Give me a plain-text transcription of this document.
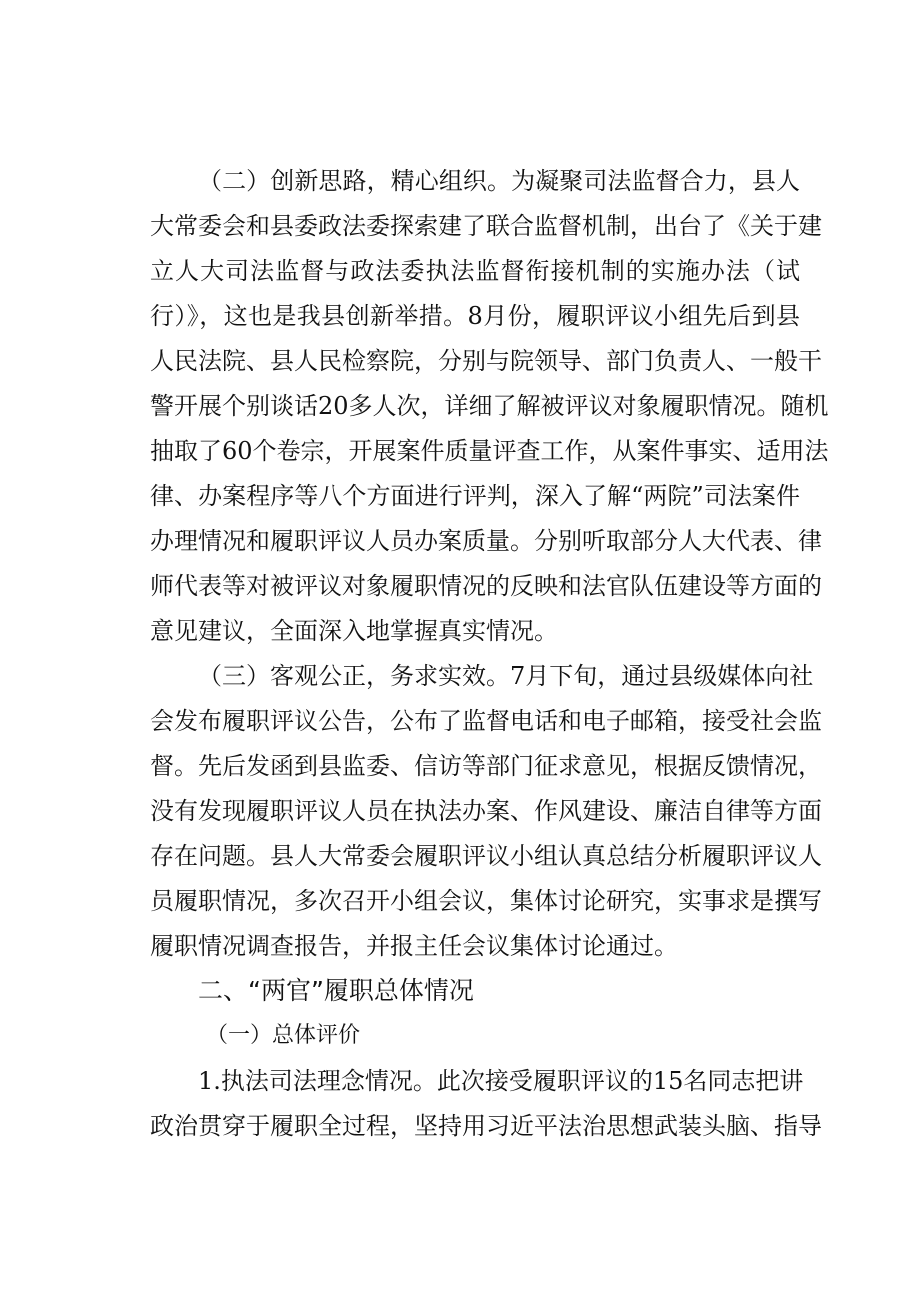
（二）创新思路，精心组织。为凝聚司法监督合力，县人
大常委会和县委政法委探索建了联合监督机制，出台了《关于建
立人大司法监督与政法委执法监督衔接机制的实施办法（试
行）》，这也是我县创新举措。8月份，履职评议小组先后到县
人民法院、县人民检察院，分别与院领导、部门负责人、一般干
警开展个别谈话20多人次，详细了解被评议对象履职情况。随机
抽取了60个卷宗，开展案件质量评查工作，从案件事实、适用法
律、办案程序等八个方面进行评判，深入了解“两院”司法案件
办理情况和履职评议人员办案质量。分别听取部分人大代表、律
师代表等对被评议对象履职情况的反映和法官队伍建设等方面的
意见建议，全面深入地掌握真实情况。
（三）客观公正，务求实效。7月下旬，通过县级媒体向社
会发布履职评议公告，公布了监督电话和电子邮箱，接受社会监
督。先后发函到县监委、信访等部门征求意见，根据反馈情况，
没有发现履职评议人员在执法办案、作风建设、廉洁自律等方面
存在问题。县人大常委会履职评议小组认真总结分析履职评议人
员履职情况，多次召开小组会议，集体讨论研究，实事求是撰写
履职情况调查报告，并报主任会议集体讨论通过。
二、“两官”履职总体情况
（一）总体评价
1.执法司法理念情况。此次接受履职评议的15名同志把讲
政治贯穿于履职全过程，坚持用习近平法治思想武装头脑、指导
